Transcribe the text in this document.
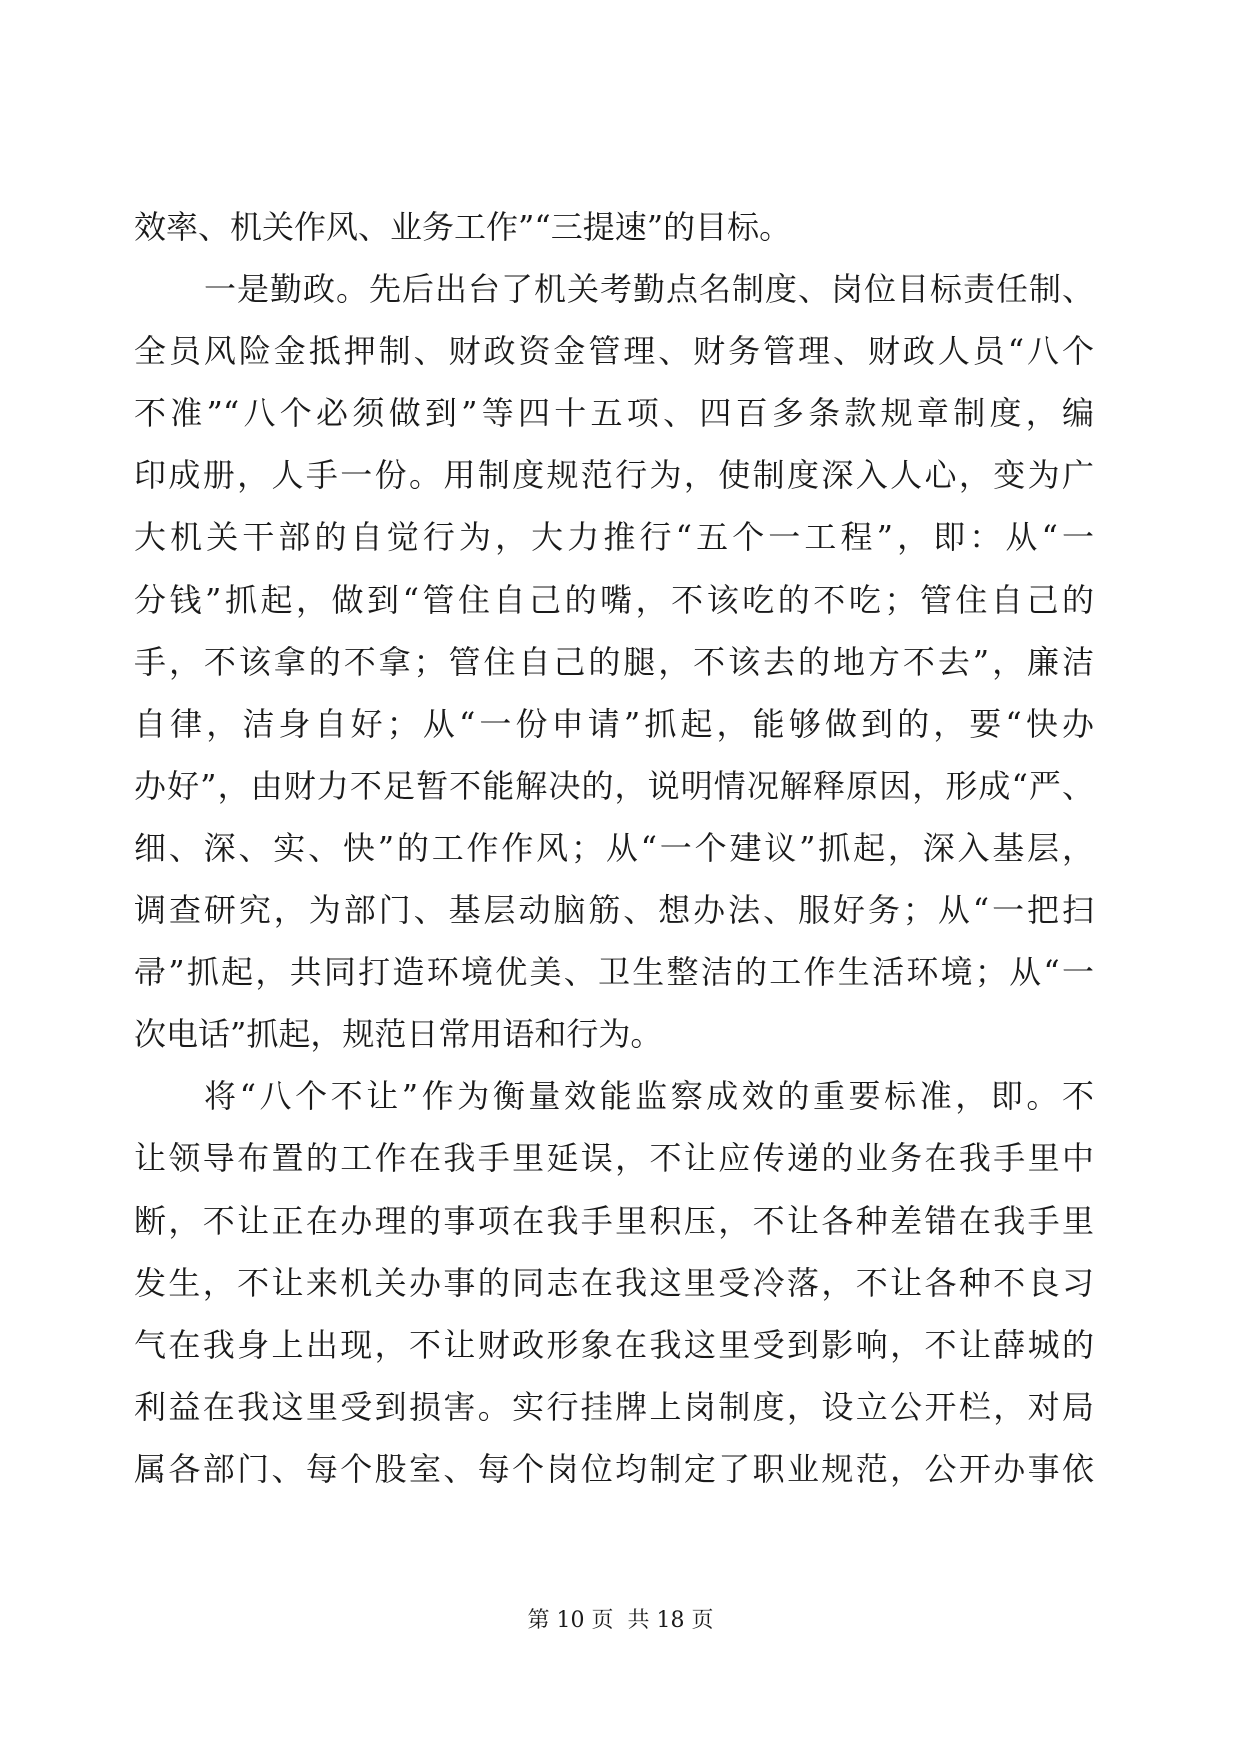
效率、机关作风、业务工作”“三提速”的目标。
一是勤政。先后出台了机关考勤点名制度、岗位目标责任制、
全员风险金抵押制、财政资金管理、财务管理、财政人员“八个
不准”“八个必须做到”等四十五项、四百多条款规章制度，编
印成册，人手一份。用制度规范行为，使制度深入人心，变为广
大机关干部的自觉行为，大力推行“五个一工程”，即：从“一
分钱”抓起，做到“管住自己的嘴，不该吃的不吃；管住自己的
手，不该拿的不拿；管住自己的腿，不该去的地方不去”，廉洁
自律，洁身自好；从“一份申请”抓起，能够做到的，要“快办
办好”，由财力不足暂不能解决的，说明情况解释原因，形成“严、
细、深、实、快”的工作作风；从“一个建议”抓起，深入基层，
调查研究，为部门、基层动脑筋、想办法、服好务；从“一把扫
帚”抓起，共同打造环境优美、卫生整洁的工作生活环境；从“一
次电话”抓起，规范日常用语和行为。
将“八个不让”作为衡量效能监察成效的重要标准，即。不
让领导布置的工作在我手里延误，不让应传递的业务在我手里中
断，不让正在办理的事项在我手里积压，不让各种差错在我手里
发生，不让来机关办事的同志在我这里受冷落，不让各种不良习
气在我身上出现，不让财政形象在我这里受到影响，不让薛城的
利益在我这里受到损害。实行挂牌上岗制度，设立公开栏，对局
属各部门、每个股室、每个岗位均制定了职业规范，公开办事依
第 10 页  共 18 页
